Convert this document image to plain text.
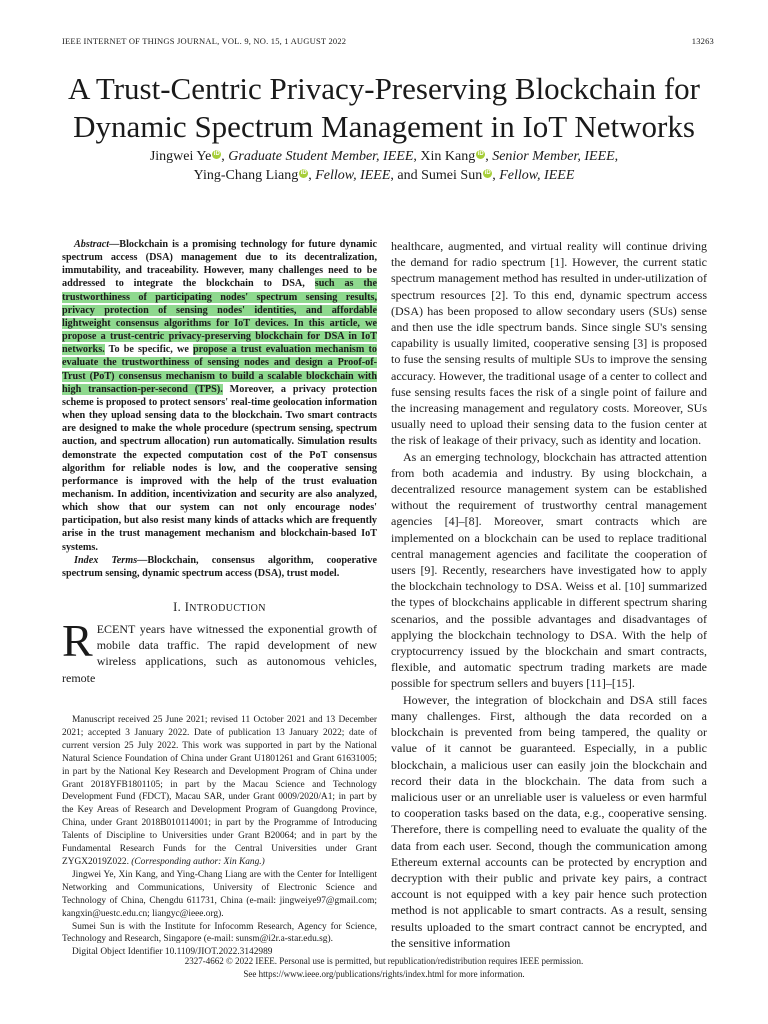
IEEE INTERNET OF THINGS JOURNAL, VOL. 9, NO. 15, 1 AUGUST 2022	13263
A Trust-Centric Privacy-Preserving Blockchain for
Dynamic Spectrum Management in IoT Networks
Jingwei Ye iD , Graduate Student Member, IEEE, Xin Kang iD , Senior Member, IEEE,
Ying-Chang Liang iD , Fellow, IEEE, and Sumei Sun iD , Fellow, IEEE

Abstract—Blockchain is a promising technology for future dynamic spectrum access (DSA) management due to its decentralization, immutability, and traceability. However, many challenges need to be addressed to integrate the blockchain to DSA, such as the trustworthiness of participating nodes' spectrum sensing results, privacy protection of sensing nodes' identities, and affordable lightweight consensus algorithms for IoT devices. In this article, we propose a trust-centric privacy-preserving blockchain for DSA in IoT networks. To be specific, we propose a trust evaluation mechanism to evaluate the trustworthiness of sensing nodes and design a Proof-of-Trust (PoT) consensus mechanism to build a scalable blockchain with high transaction-per-second (TPS). Moreover, a privacy protection scheme is proposed to protect sensors' real-time geolocation information when they upload sensing data to the blockchain. Two smart contracts are designed to make the whole procedure (spectrum sensing, spectrum auction, and spectrum allocation) run automatically. Simulation results demonstrate the expected computation cost of the PoT consensus algorithm for reliable nodes is low, and the cooperative sensing performance is improved with the help of the trust evaluation mechanism. In addition, incentivization and security are also analyzed, which show that our system can not only encourage nodes' participation, but also resist many kinds of attacks which are frequently arise in the trust management mechanism and blockchain-based IoT systems.

Index Terms—Blockchain, consensus algorithm, cooperative spectrum sensing, dynamic spectrum access (DSA), trust model.

I. INTRODUCTION

RECENT years have witnessed the exponential growth of mobile data traffic. The rapid development of new wireless applications, such as autonomous vehicles, remote

Manuscript received 25 June 2021; revised 11 October 2021 and 13 December 2021; accepted 3 January 2022. Date of publication 13 January 2022; date of current version 25 July 2022. This work was supported in part by the National Natural Science Foundation of China under Grant U1801261 and Grant 61631005; in part by the National Key Research and Development Program of China under Grant 2018YFB1801105; in part by the Macau Science and Technology Development Fund (FDCT), Macau SAR, under Grant 0009/2020/A1; in part by the Key Areas of Research and Development Program of Guangdong Province, China, under Grant 2018B010114001; in part by the Programme of Introducing Talents of Discipline to Universities under Grant B20064; and in part by the Fundamental Research Funds for the Central Universities under Grant ZYGX2019Z022. (Corresponding author: Xin Kang.)

Jingwei Ye, Xin Kang, and Ying-Chang Liang are with the Center for Intelligent Networking and Communications, University of Electronic Science and Technology of China, Chengdu 611731, China (e-mail: jingweiye97@gmail.com; kangxin@uestc.edu.cn; liangyc@ieee.org).

Sumei Sun is with the Institute for Infocomm Research, Agency for Science, Technology and Research, Singapore (e-mail: sunsm@i2r.a-star.edu.sg).

Digital Object Identifier 10.1109/JIOT.2022.3142989

healthcare, augmented, and virtual reality will continue driving the demand for radio spectrum [1]. However, the current static spectrum management method has resulted in under-utilization of spectrum resources [2]. To this end, dynamic spectrum access (DSA) has been proposed to allow secondary users (SUs) sense and then use the idle spectrum bands. Since single SU's sensing capability is usually limited, cooperative sensing [3] is proposed to fuse the sensing results of multiple SUs to improve the sensing accuracy. However, the traditional usage of a center to collect and fuse sensing results faces the risk of a single point of failure and the increasing management and regulatory costs. Moreover, SUs usually need to upload their sensing data to the fusion center at the risk of leakage of their privacy, such as identity and location.

As an emerging technology, blockchain has attracted attention from both academia and industry. By using blockchain, a decentralized resource management system can be established without the requirement of trustworthy central management agencies [4]–[8]. Moreover, smart contracts which are implemented on a blockchain can be used to replace traditional central management agencies and facilitate the cooperation of users [9]. Recently, researchers have investigated how to apply the blockchain technology to DSA. Weiss et al. [10] summarized the types of blockchains applicable in different spectrum sharing scenarios, and the possible advantages and disadvantages of applying the blockchain technology to DSA. With the help of cryptocurrency issued by the blockchain and smart contracts, flexible, and automatic spectrum trading markets are made possible for spectrum sellers and buyers [11]–[15].

However, the integration of blockchain and DSA still faces many challenges. First, although the data recorded on a blockchain is prevented from being tampered, the quality or value of it cannot be guaranteed. Especially, in a public blockchain, a malicious user can easily join the blockchain and record their data in the blockchain. The data from such a malicious user or an unreliable user is valueless or even harmful to cooperation tasks based on the data, e.g., cooperative sensing. Therefore, there is compelling need to evaluate the quality of the data from each user. Second, though the communication among Ethereum external accounts can be protected by encryption and decryption with their public and private key pairs, a contract account is not equipped with a key pair hence such protection method is not applicable to smart contracts. As a result, sensing results uploaded to the smart contract cannot be encrypted, and the sensitive information

2327-4662 © 2022 IEEE. Personal use is permitted, but republication/redistribution requires IEEE permission.
See https://www.ieee.org/publications/rights/index.html for more information.
